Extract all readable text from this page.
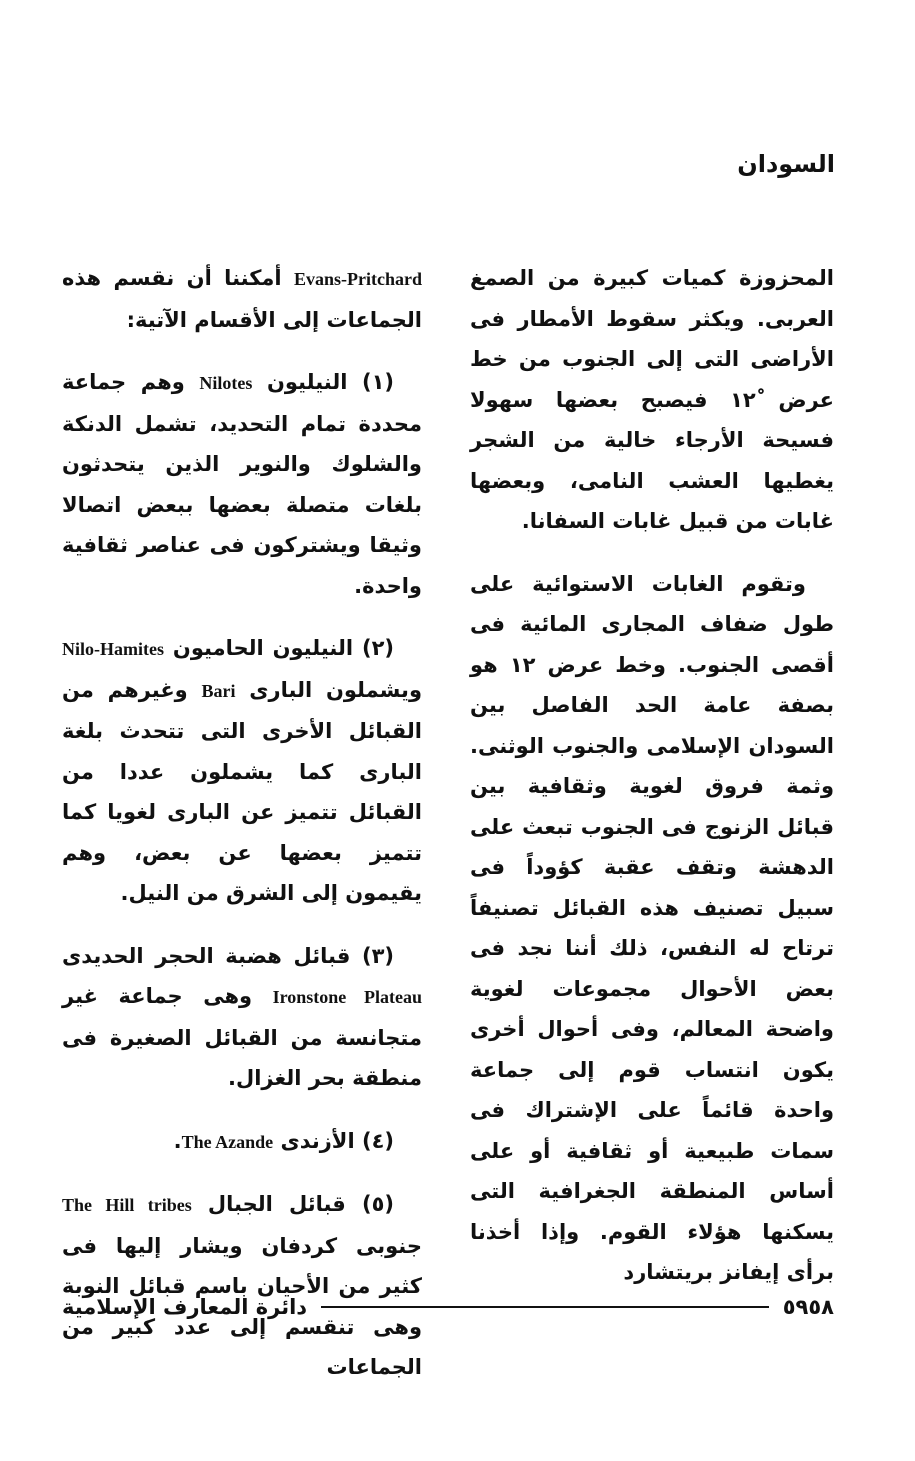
السودان

المحزوزة كميات كبيرة من الصمغ العربى. ويكثر سقوط الأمطار فى الأراضى التى إلى الجنوب من خط عرض ١٢ْ فيصبح بعضها سهولا فسيحة الأرجاء خالية من الشجر يغطيها العشب النامى، وبعضها غابات من قبيل غابات السفانا.

وتقوم الغابات الاستوائية على طول ضفاف المجارى المائية فى أقصى الجنوب. وخط عرض ١٢ هو بصفة عامة الحد الفاصل بين السودان الإسلامى والجنوب الوثنى. وثمة فروق لغوية وثقافية بين قبائل الزنوج فى الجنوب تبعث على الدهشة وتقف عقبة كؤوداً فى سبيل تصنيف هذه القبائل تصنيفاً ترتاح له النفس، ذلك أننا نجد فى بعض الأحوال مجموعات لغوية واضحة المعالم، وفى أحوال أخرى يكون انتساب قوم إلى جماعة واحدة قائماً على الإشتراك فى سمات طبيعية أو ثقافية أو على أساس المنطقة الجغرافية التى يسكنها هؤلاء القوم. وإذا أخذنا برأى إيفانز بريتشارد

Evans-Pritchard أمكننا أن نقسم هذه الجماعات إلى الأقسام الآتية:

(١) النيليون Nilotes وهم جماعة محددة تمام التحديد، تشمل الدنكة والشلوك والنوير الذين يتحدثون بلغات متصلة بعضها ببعض اتصالا وثيقا ويشتركون فى عناصر ثقافية واحدة.

(٢) النيليون الحاميون Nilo-Hamites ويشملون البارى Bari وغيرهم من القبائل الأخرى التى تتحدث بلغة البارى كما يشملون عددا من القبائل تتميز عن البارى لغويا كما تتميز بعضها عن بعض، وهم يقيمون إلى الشرق من النيل.

(٣) قبائل هضبة الحجر الحديدى Ironstone Plateau وهى جماعة غير متجانسة من القبائل الصغيرة فى منطقة بحر الغزال.

(٤) الأزندى The Azande.

(٥) قبائل الجبال The Hill tribes جنوبى كردفان ويشار إليها فى كثير من الأحيان باسم قبائل النوبة وهى تنقسم إلى عدد كبير من الجماعات

دائرة المعارف الإسلامية	٥٩٥٨
